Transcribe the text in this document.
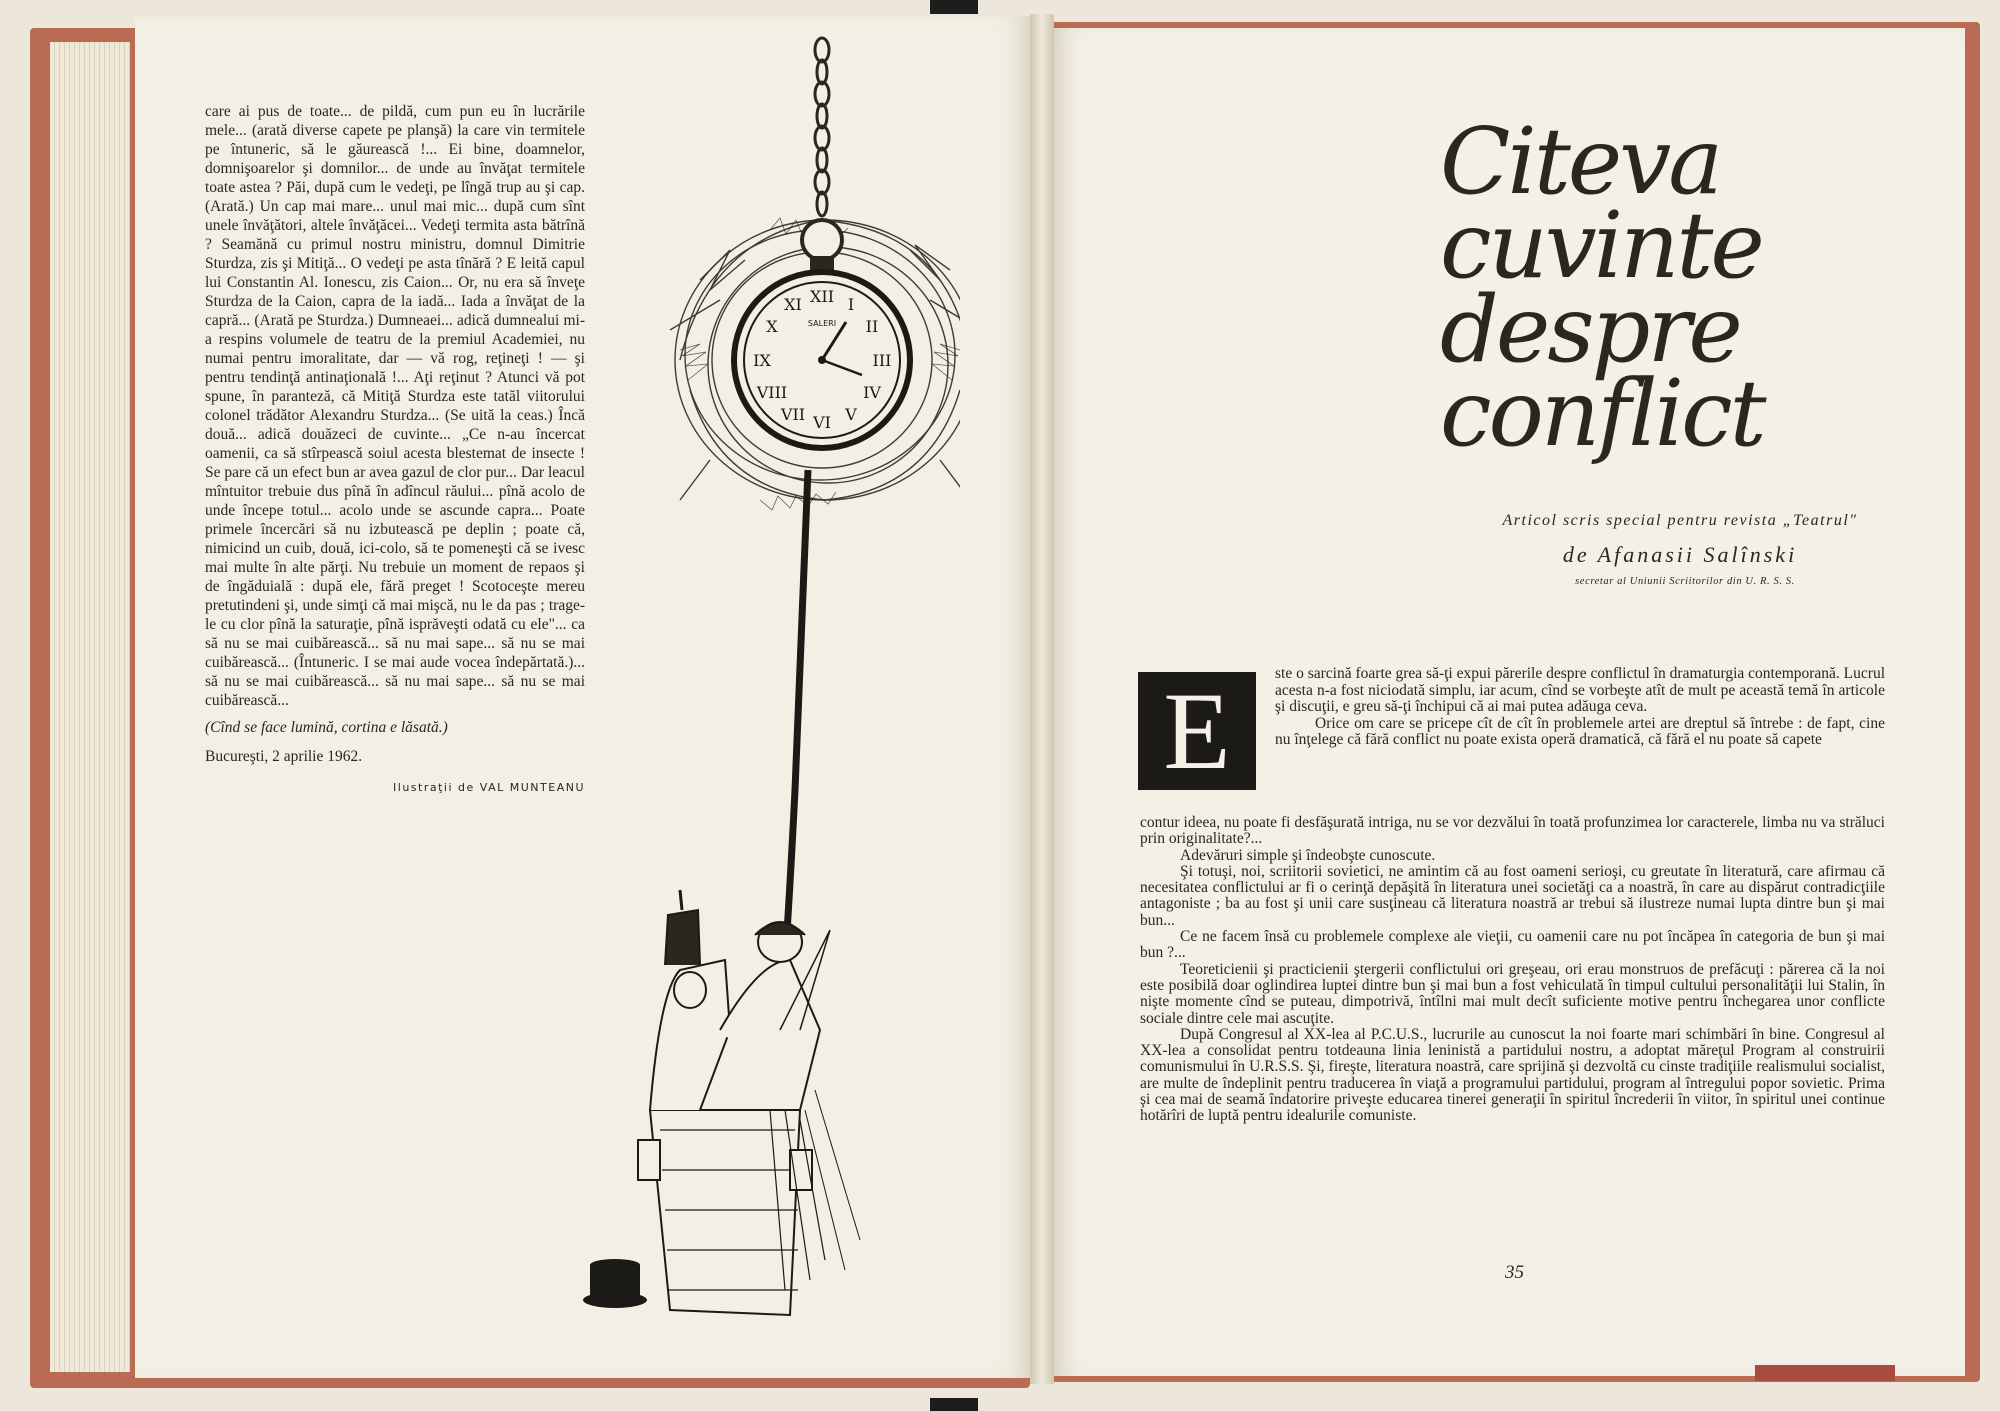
care ai pus de toate... de pildă, cum pun eu în lucrările mele... (arată diverse capete pe planşă) la care vin termitele pe întuneric, să le găurească !... Ei bine, doamnelor, domnişoarelor şi domnilor... de unde au învăţat termitele toate astea ? Păi, după cum le vedeţi, pe lîngă trup au şi cap. (Arată.) Un cap mai mare... unul mai mic... după cum sînt unele învăţători, altele învăţăcei... Vedeţi termita asta bătrînă ? Seamănă cu primul nostru ministru, domnul Dimitrie Sturdza, zis şi Mitiţă... O vedeţi pe asta tînără ? E leită capul lui Constantin Al. Ionescu, zis Caion... Or, nu era să înveţe Sturdza de la Caion, capra de la iadă... Iada a învăţat de la capră... (Arată pe Sturdza.) Dumneaei... adică dumnealui mi-a respins volumele de teatru de la premiul Academiei, nu numai pentru imoralitate, dar — vă rog, reţineţi ! — şi pentru tendinţă antinaţională !... Aţi reţinut ? Atunci vă pot spune, în paranteză, că Mitiţă Sturdza este tatăl viitorului colonel trădător Alexandru Sturdza... (Se uită la ceas.) Încă două... adică douăzeci de cuvinte... „Ce n-au încercat oamenii, ca să stîrpească soiul acesta blestemat de insecte ! Se pare că un efect bun ar avea gazul de clor pur... Dar leacul mîntuitor trebuie dus pînă în adîncul răului... pînă acolo de unde începe totul... acolo unde se ascunde capra... Poate primele încercări să nu izbutească pe deplin ; poate că, nimicind un cuib, două, ici-colo, să te pomeneşti că se ivesc mai multe în alte părţi. Nu trebuie un moment de repaos şi de îngăduială : după ele, fără preget ! Scotoceşte mereu pretutindeni şi, unde simţi că mai mişcă, nu le da pas ; trage-le cu clor pînă la saturaţie, pînă isprăveşti odată cu ele"... ca să nu se mai cuibărească... să nu mai sape... să nu se mai cuibărească... (Întuneric. I se mai aude vocea îndepărtată.)... să nu se mai cuibărească... să nu mai sape... să nu se mai cuibărească...

(Cînd se face lumină, cortina e lăsată.)

Bucureşti, 2 aprilie 1962.

Ilustraţii de VAL MUNTEANU

XII I
II
III
IV
V
VI
VII
VIII
IX
X
XI
SALERI
Citeva
cuvinte
despre
conflict
Articol scris special pentru revista „Teatrul"
de Afanasii Salînski
secretar al Uniunii Scriitorilor din U. R. S. S.
E	ste o sarcină foarte grea să-ţi expui părerile despre conflictul în dramaturgia contemporană. Lucrul acesta n-a fost niciodată simplu, iar acum, cînd se vorbeşte atît de mult pe această temă în articole şi discuţii, e greu să-ţi închipui că ai mai putea adăuga ceva.

Orice om care se pricepe cît de cît în problemele artei are dreptul să întrebe : de fapt, cine nu înţelege că fără conflict nu poate exista operă dramatică, că fără el nu poate să capete

contur ideea, nu poate fi desfăşurată intriga, nu se vor dezvălui în toată profunzimea lor caracterele, limba nu va străluci prin originalitate?...

Adevăruri simple şi îndeobşte cunoscute.

Şi totuşi, noi, scriitorii sovietici, ne amintim că au fost oameni serioşi, cu greutate în literatură, care afirmau că necesitatea conflictului ar fi o cerinţă depăşită în literatura unei societăţi ca a noastră, în care au dispărut contradicţiile antagoniste ; ba au fost şi unii care susţineau că literatura noastră ar trebui să ilustreze numai lupta dintre bun şi mai bun...

Ce ne facem însă cu problemele complexe ale vieţii, cu oamenii care nu pot încăpea în categoria de bun şi mai bun ?...

Teoreticienii şi practicienii ştergerii conflictului ori greşeau, ori erau monstruos de prefăcuţi : părerea că la noi este posibilă doar oglindirea luptei dintre bun şi mai bun a fost vehiculată în timpul cultului personalităţii lui Stalin, în nişte momente cînd se puteau, dimpotrivă, întîlni mai mult decît suficiente motive pentru închegarea unor conflicte sociale dintre cele mai ascuţite.

După Congresul al XX-lea al P.C.U.S., lucrurile au cunoscut la noi foarte mari schimbări în bine. Congresul al XX-lea a consolidat pentru totdeauna linia leninistă a partidului nostru, a adoptat măreţul Program al construirii comunismului în U.R.S.S. Şi, fireşte, literatura noastră, care sprijină şi dezvoltă cu cinste tradiţiile realismului socialist, are multe de îndeplinit pentru traducerea în viaţă a programului partidului, program al întregului popor sovietic. Prima şi cea mai de seamă îndatorire priveşte educarea tinerei generaţii în spiritul încrederii în viitor, în spiritul unei continue hotărîri de luptă pentru idealurile comuniste.

35
